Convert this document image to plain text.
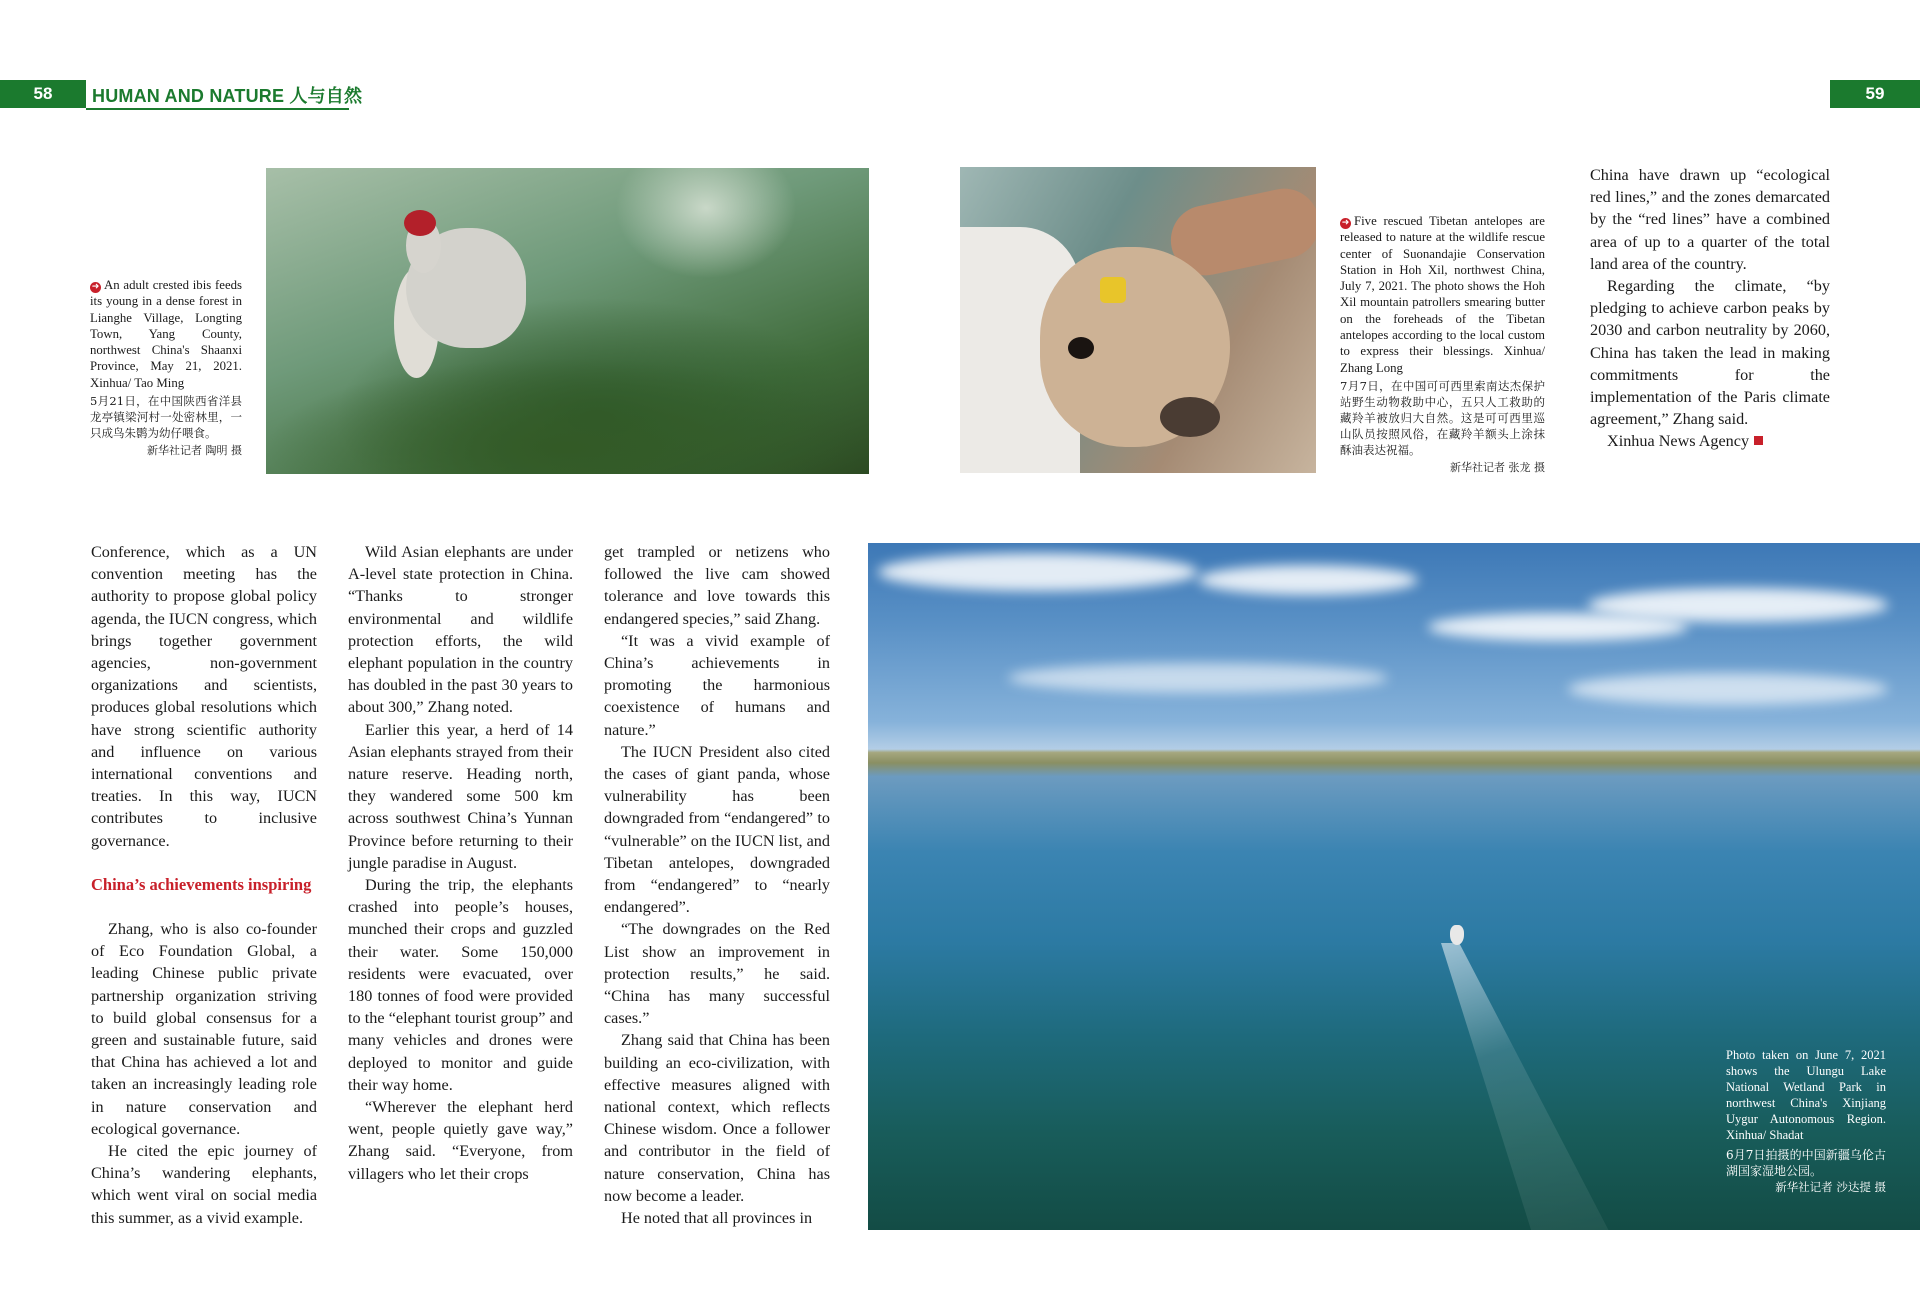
58	HUMAN AND NATURE 人与自然	59
➜ An adult crested ibis feeds its young in a dense forest in Lianghe Village, Longting Town, Yang County, northwest China's Shaanxi Province, May 21, 2021. Xinhua/ Tao Ming
5月21日，在中国陕西省洋县龙亭镇梁河村一处密林里，一只成鸟朱鹮为幼仔喂食。
新华社记者 陶明 摄
➜ Five rescued Tibetan antelopes are released to nature at the wildlife rescue center of Suonandajie Conservation Station in Hoh Xil, northwest China, July 7, 2021. The photo shows the Hoh Xil mountain patrollers smearing butter on the foreheads of the Tibetan antelopes according to the local custom to express their blessings. Xinhua/ Zhang Long
7月7日，在中国可可西里索南达杰保护站野生动物救助中心，五只人工救助的藏羚羊被放归大自然。这是可可西里巡山队员按照风俗，在藏羚羊额头上涂抹酥油表达祝福。
新华社记者 张龙 摄

China have drawn up “ecological red lines,” and the zones demarcated by the “red lines” have a combined area of up to a quarter of the total land area of the country.

Regarding the climate, “by pledging to achieve carbon peaks by 2030 and carbon neutrality by 2060, China has taken the lead in making commitments for the implementation of the Paris climate agreement,” Zhang said.

Xinhua News Agency

Conference, which as a UN convention meeting has the authority to propose global policy agenda, the IUCN congress, which brings together government agencies, non-government organizations and scientists, produces global resolutions which have strong scientific authority and influence on various international conventions and treaties. In this way, IUCN contributes to inclusive governance.

China’s achievements inspiring

Zhang, who is also co-founder of Eco Foundation Global, a leading Chinese public private partnership organization striving to build global consensus for a green and sustainable future, said that China has achieved a lot and taken an increasingly leading role in nature conservation and ecological governance.

He cited the epic journey of China’s wandering elephants, which went viral on social media this summer, as a vivid example.

Wild Asian elephants are under A-level state protection in China. “Thanks to stronger environmental and wildlife protection efforts, the wild elephant population in the country has doubled in the past 30 years to about 300,” Zhang noted.

Earlier this year, a herd of 14 Asian elephants strayed from their nature reserve. Heading north, they wandered some 500 km across southwest China’s Yunnan Province before returning to their jungle paradise in August.

During the trip, the elephants crashed into people’s houses, munched their crops and guzzled their water. Some 150,000 residents were evacuated, over 180 tonnes of food were provided to the “elephant tourist group” and many vehicles and drones were deployed to monitor and guide their way home.

“Wherever the elephant herd went, people quietly gave way,” Zhang said. “Everyone, from villagers who let their crops

get trampled or netizens who followed the live cam showed tolerance and love towards this endangered species,” said Zhang.

“It was a vivid example of China’s achievements in promoting the harmonious coexistence of humans and nature.”

The IUCN President also cited the cases of giant panda, whose vulnerability has been downgraded from “endangered” to “vulnerable” on the IUCN list, and Tibetan antelopes, downgraded from “endangered” to “nearly endangered”.

“The downgrades on the Red List show an improvement in protection results,” he said. “China has many successful cases.”

Zhang said that China has been building an eco-civilization, with effective measures aligned with national context, which reflects Chinese wisdom. Once a follower and contributor in the field of nature conservation, China has now become a leader.

He noted that all provinces in

Photo taken on June 7, 2021 shows the Ulungu Lake National Wetland Park in northwest China's Xinjiang Uygur Autonomous Region. Xinhua/ Shadat
6月7日拍摄的中国新疆乌伦古湖国家湿地公园。
新华社记者 沙达提 摄
